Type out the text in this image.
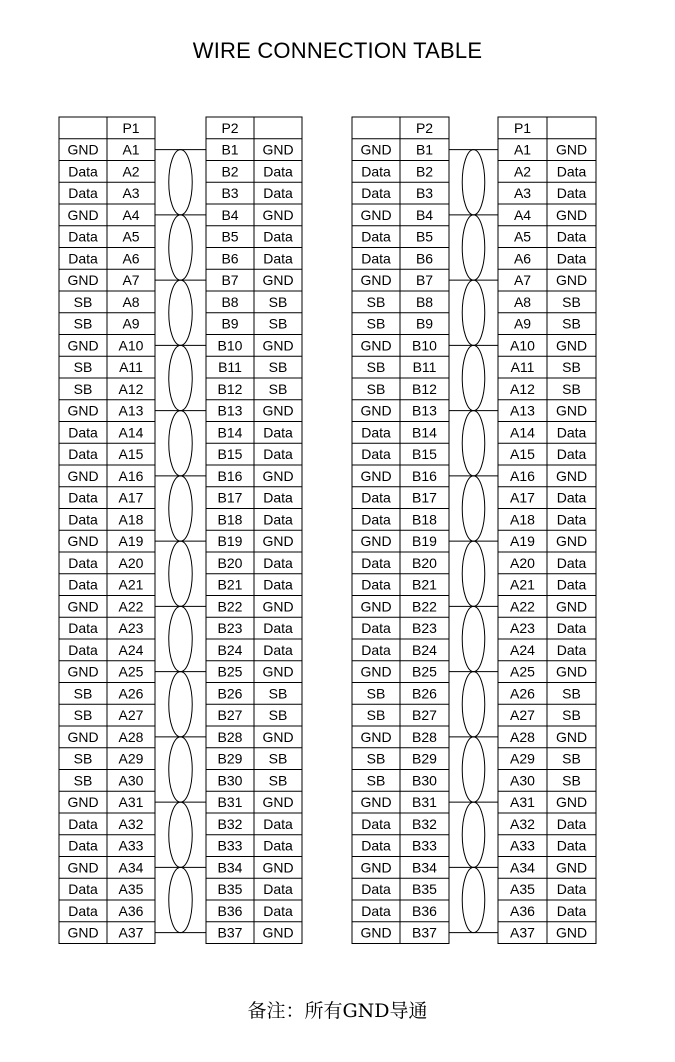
WIRE CONNECTION TABLE
P1	P2
GND A1	B1 GND
Data A2	B2 Data
Data A3	B3 Data
GND A4	B4 GND
Data A5	B5 Data
Data A6	B6 Data
GND A7	B7 GND
SB A8	B8 SB
SB A9	B9 SB
GND A10	B10 GND
SB A11	B11 SB
SB A12	B12 SB
GND A13	B13 GND
Data A14	B14 Data
Data A15	B15 Data
GND A16	B16 GND
Data A17	B17 Data
Data A18	B18 Data
GND A19	B19 GND
Data A20	B20 Data
Data A21	B21 Data
GND A22	B22 GND
Data A23	B23 Data
Data A24	B24 Data
GND A25	B25 GND
SB A26	B26 SB
SB A27	B27 SB
GND A28	B28 GND
SB A29	B29 SB
SB A30	B30 SB
GND A31	B31 GND
Data A32	B32 Data
Data A33	B33 Data
GND A34	B34 GND
Data A35	B35 Data
Data A36	B36 Data
GND A37	B37 GND
P2	P1
GND B1	A1 GND
Data B2	A2 Data
Data B3	A3 Data
GND B4	A4 GND
Data B5	A5 Data
Data B6	A6 Data
GND B7	A7 GND
SB B8	A8 SB
SB B9	A9 SB
GND B10	A10 GND
SB B11	A11 SB
SB B12	A12 SB
GND B13	A13 GND
Data B14	A14 Data
Data B15	A15 Data
GND B16	A16 GND
Data B17	A17 Data
Data B18	A18 Data
GND B19	A19 GND
Data B20	A20 Data
Data B21	A21 Data
GND B22	A22 GND
Data B23	A23 Data
Data B24	A24 Data
GND B25	A25 GND
SB B26	A26 SB
SB B27	A27 SB
GND B28	A28 GND
SB B29	A29 SB
SB B30	A30 SB
GND B31	A31 GND
Data B32	A32 Data
Data B33	A33 Data
GND B34	A34 GND
Data B35	A35 Data
Data B36	A36 Data
GND B37	A37 GND
备注：所有GND导通
